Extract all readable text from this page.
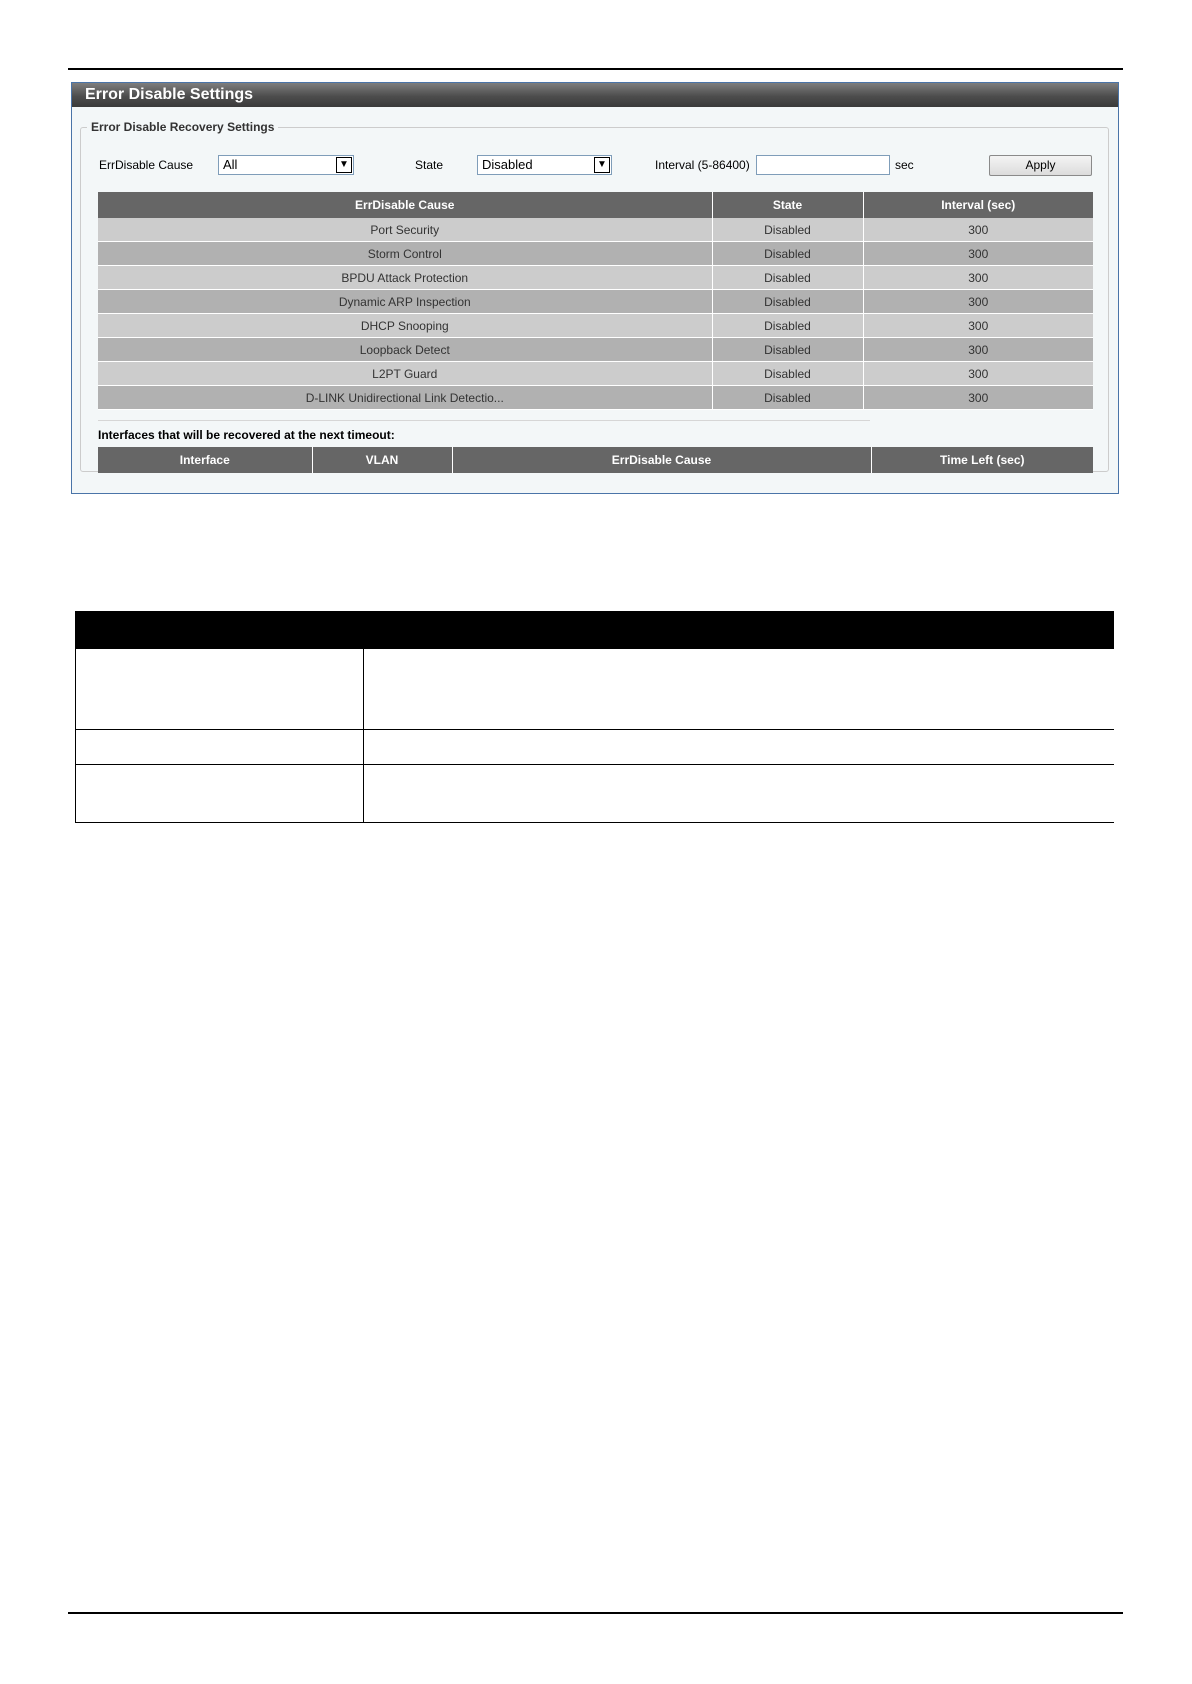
Error Disable Settings
Error Disable Recovery Settings
ErrDisable Cause	All	▼	State	Disabled	▼	Interval (5-86400)	sec	Apply
ErrDisable Cause	State	Interval (sec)
Port Security	Disabled	300
Storm Control	Disabled	300
BPDU Attack Protection	Disabled	300
Dynamic ARP Inspection	Disabled	300
DHCP Snooping	Disabled	300
Loopback Detect	Disabled	300
L2PT Guard	Disabled	300
D-LINK Unidirectional Link Detectio...	Disabled	300
Interfaces that will be recovered at the next timeout:
Interface	VLAN	ErrDisable Cause	Time Left (sec)
